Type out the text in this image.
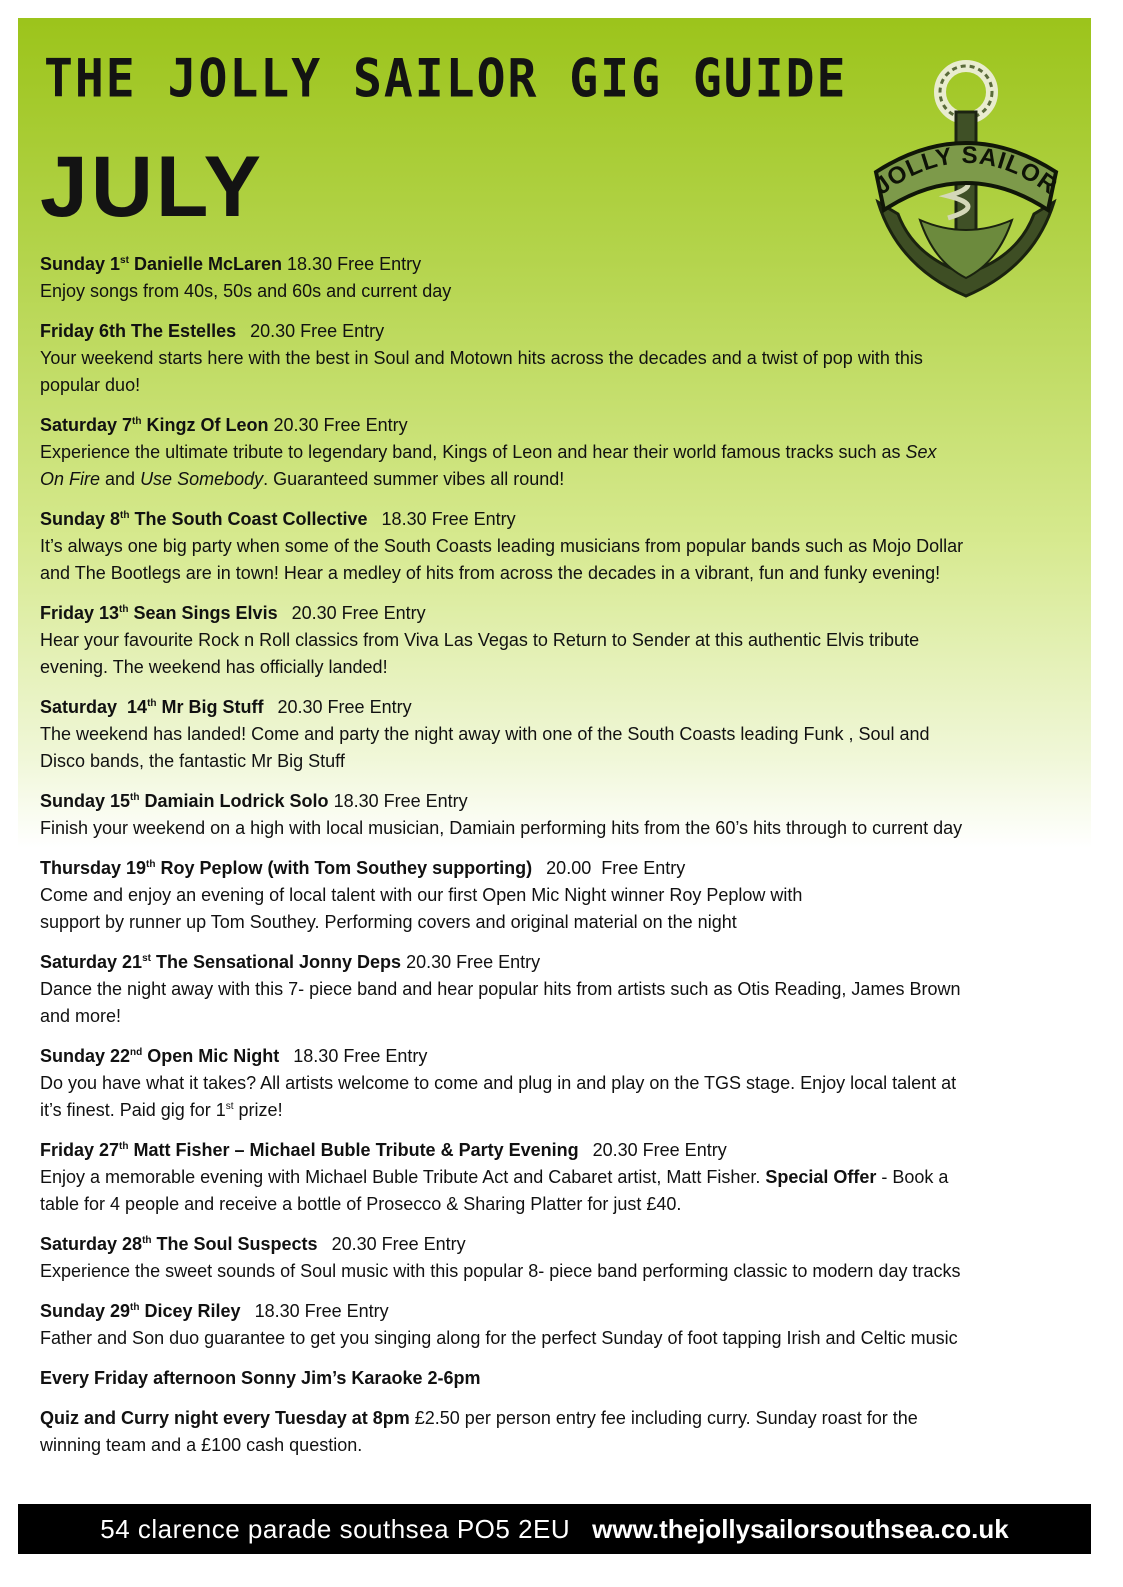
THE JOLLY SAILOR GIG GUIDE
JULY	JOLLY SAILOR
Sunday 1st Danielle McLaren 18.30 Free Entry
Enjoy songs from 40s, 50s and 60s and current day
Friday 6th The Estelles 20.30 Free Entry
Your weekend starts here with the best in Soul and Motown hits across the decades and a twist of pop with this
popular duo!
Saturday 7th Kingz Of Leon 20.30 Free Entry
Experience the ultimate tribute to legendary band, Kings of Leon and hear their world famous tracks such as Sex
On Fire and Use Somebody. Guaranteed summer vibes all round!
Sunday 8th The South Coast Collective 18.30 Free Entry
It’s always one big party when some of the South Coasts leading musicians from popular bands such as Mojo Dollar
and The Bootlegs are in town! Hear a medley of hits from across the decades in a vibrant, fun and funky evening!
Friday 13th Sean Sings Elvis 20.30 Free Entry
Hear your favourite Rock n Roll classics from Viva Las Vegas to Return to Sender at this authentic Elvis tribute
evening. The weekend has officially landed!
Saturday  14th Mr Big Stuff 20.30 Free Entry
The weekend has landed! Come and party the night away with one of the South Coasts leading Funk , Soul and
Disco bands, the fantastic Mr Big Stuff
Sunday 15th Damiain Lodrick Solo 18.30 Free Entry
Finish your weekend on a high with local musician, Damiain performing hits from the 60’s hits through to current day
Thursday 19th Roy Peplow (with Tom Southey supporting) 20.00  Free Entry
Come and enjoy an evening of local talent with our first Open Mic Night winner Roy Peplow with
support by runner up Tom Southey. Performing covers and original material on the night
Saturday 21st The Sensational Jonny Deps 20.30 Free Entry
Dance the night away with this 7- piece band and hear popular hits from artists such as Otis Reading, James Brown
and more!
Sunday 22nd Open Mic Night 18.30 Free Entry
Do you have what it takes? All artists welcome to come and plug in and play on the TGS stage. Enjoy local talent at
it’s finest. Paid gig for 1st prize!
Friday 27th Matt Fisher – Michael Buble Tribute & Party Evening 20.30 Free Entry
Enjoy a memorable evening with Michael Buble Tribute Act and Cabaret artist, Matt Fisher. Special Offer - Book a
table for 4 people and receive a bottle of Prosecco & Sharing Platter for just £40.
Saturday 28th The Soul Suspects 20.30 Free Entry
Experience the sweet sounds of Soul music with this popular 8- piece band performing classic to modern day tracks
Sunday 29th Dicey Riley 18.30 Free Entry
Father and Son duo guarantee to get you singing along for the perfect Sunday of foot tapping Irish and Celtic music
Every Friday afternoon Sonny Jim’s Karaoke 2-6pm
Quiz and Curry night every Tuesday at 8pm £2.50 per person entry fee including curry. Sunday roast for the
winning team and a £100 cash question.
54 clarence parade southsea PO5 2EU www.thejollysailorsouthsea.co.uk
